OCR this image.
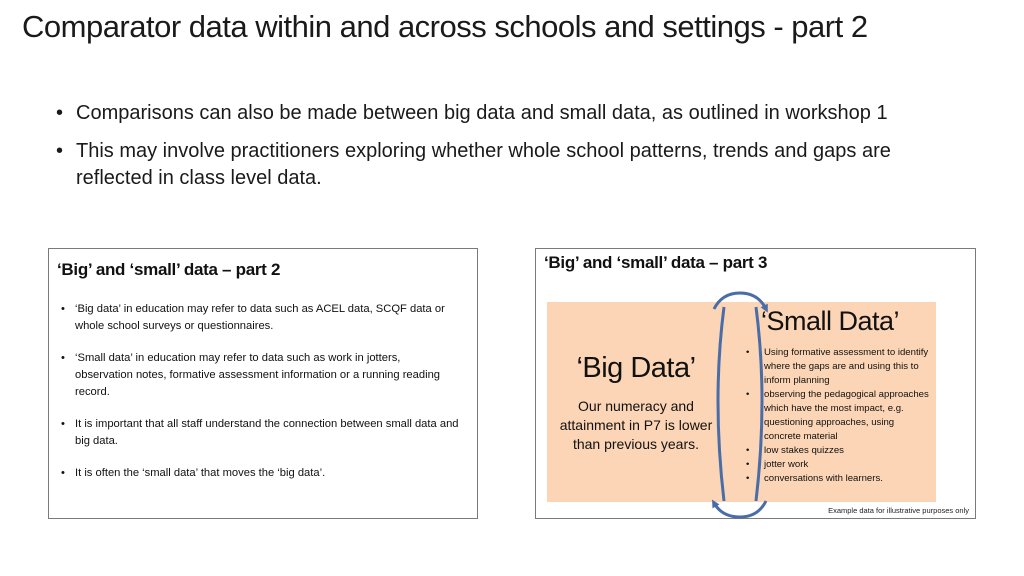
Comparator data within and across schools and settings - part 2
• Comparisons can also be made between big data and small data, as outlined in workshop 1
• This may involve practitioners exploring whether whole school patterns, trends and gaps are reflected in class level data.
‘Big’ and ‘small’ data – part 2
• ‘Big data’ in education may refer to data such as ACEL data, SCQF data or whole school surveys or questionnaires.
• ‘Small data’ in education may refer to data such as work in jotters, observation notes, formative assessment information or a running reading record.
• It is important that all staff understand the connection between small data and big data.
• It is often the ‘small data’ that moves the ‘big data’.
‘Big’ and ‘small’ data – part 3
‘Big Data’
Our numeracy and attainment in P7 is lower than previous years.
‘Small Data’
• Using formative assessment to identify where the gaps are and using this to inform planning
• observing the pedagogical approaches which have the most impact, e.g. questioning approaches, using concrete material
• low stakes quizzes
• jotter work
• conversations with learners.
Example data for illustrative purposes only
